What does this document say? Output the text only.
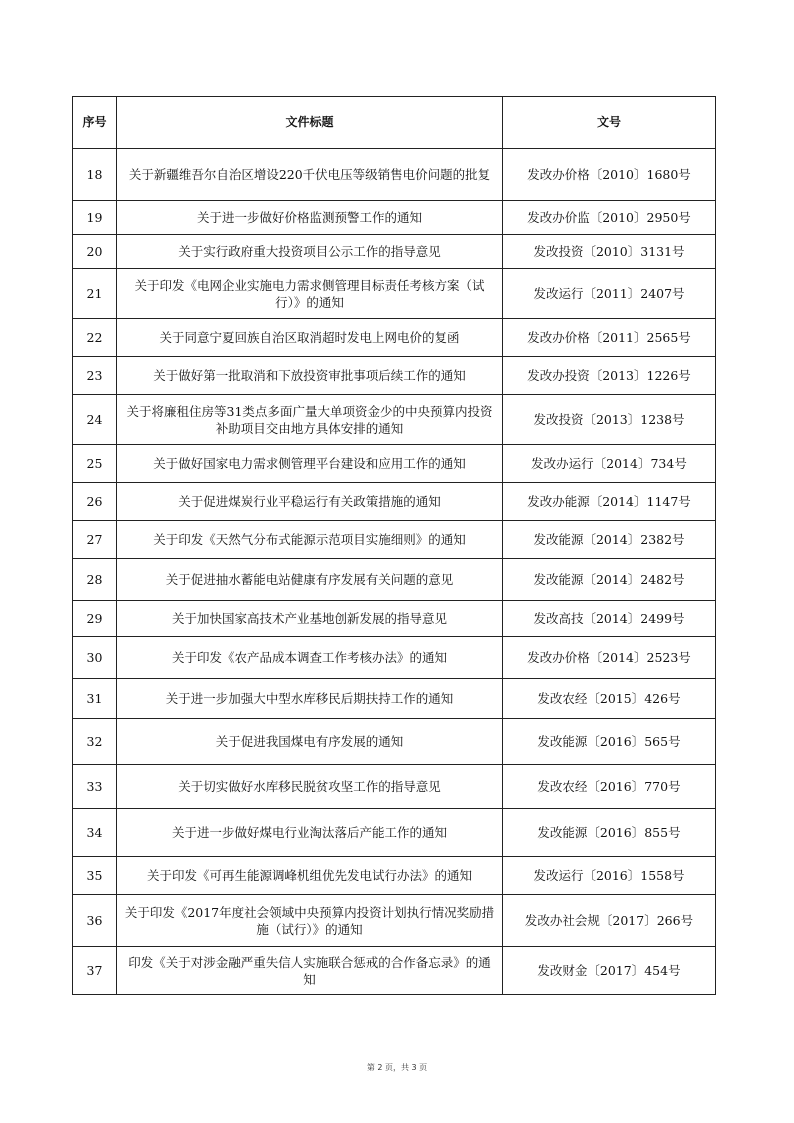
序号	文件标题	文号
18	关于新疆维吾尔自治区增设220千伏电压等级销售电价问题的批复	发改办价格〔2010〕1680号
19	关于进一步做好价格监测预警工作的通知	发改办价监〔2010〕2950号
20	关于实行政府重大投资项目公示工作的指导意见	发改投资〔2010〕3131号
21	关于印发《电网企业实施电力需求侧管理目标责任考核方案（试行）》的通知	发改运行〔2011〕2407号
22	关于同意宁夏回族自治区取消超时发电上网电价的复函	发改办价格〔2011〕2565号
23	关于做好第一批取消和下放投资审批事项后续工作的通知	发改办投资〔2013〕1226号
24	关于将廉租住房等31类点多面广量大单项资金少的中央预算内投资补助项目交由地方具体安排的通知	发改投资〔2013〕1238号
25	关于做好国家电力需求侧管理平台建设和应用工作的通知	发改办运行〔2014〕734号
26	关于促进煤炭行业平稳运行有关政策措施的通知	发改办能源〔2014〕1147号
27	关于印发《天然气分布式能源示范项目实施细则》的通知	发改能源〔2014〕2382号
28	关于促进抽水蓄能电站健康有序发展有关问题的意见	发改能源〔2014〕2482号
29	关于加快国家高技术产业基地创新发展的指导意见	发改高技〔2014〕2499号
30	关于印发《农产品成本调查工作考核办法》的通知	发改办价格〔2014〕2523号
31	关于进一步加强大中型水库移民后期扶持工作的通知	发改农经〔2015〕426号
32	关于促进我国煤电有序发展的通知	发改能源〔2016〕565号
33	关于切实做好水库移民脱贫攻坚工作的指导意见	发改农经〔2016〕770号
34	关于进一步做好煤电行业淘汰落后产能工作的通知	发改能源〔2016〕855号
35	关于印发《可再生能源调峰机组优先发电试行办法》的通知	发改运行〔2016〕1558号
36	关于印发《2017年度社会领域中央预算内投资计划执行情况奖励措施（试行）》的通知	发改办社会规〔2017〕266号
37	印发《关于对涉金融严重失信人实施联合惩戒的合作备忘录》的通知	发改财金〔2017〕454号
第 2 页，共 3 页
